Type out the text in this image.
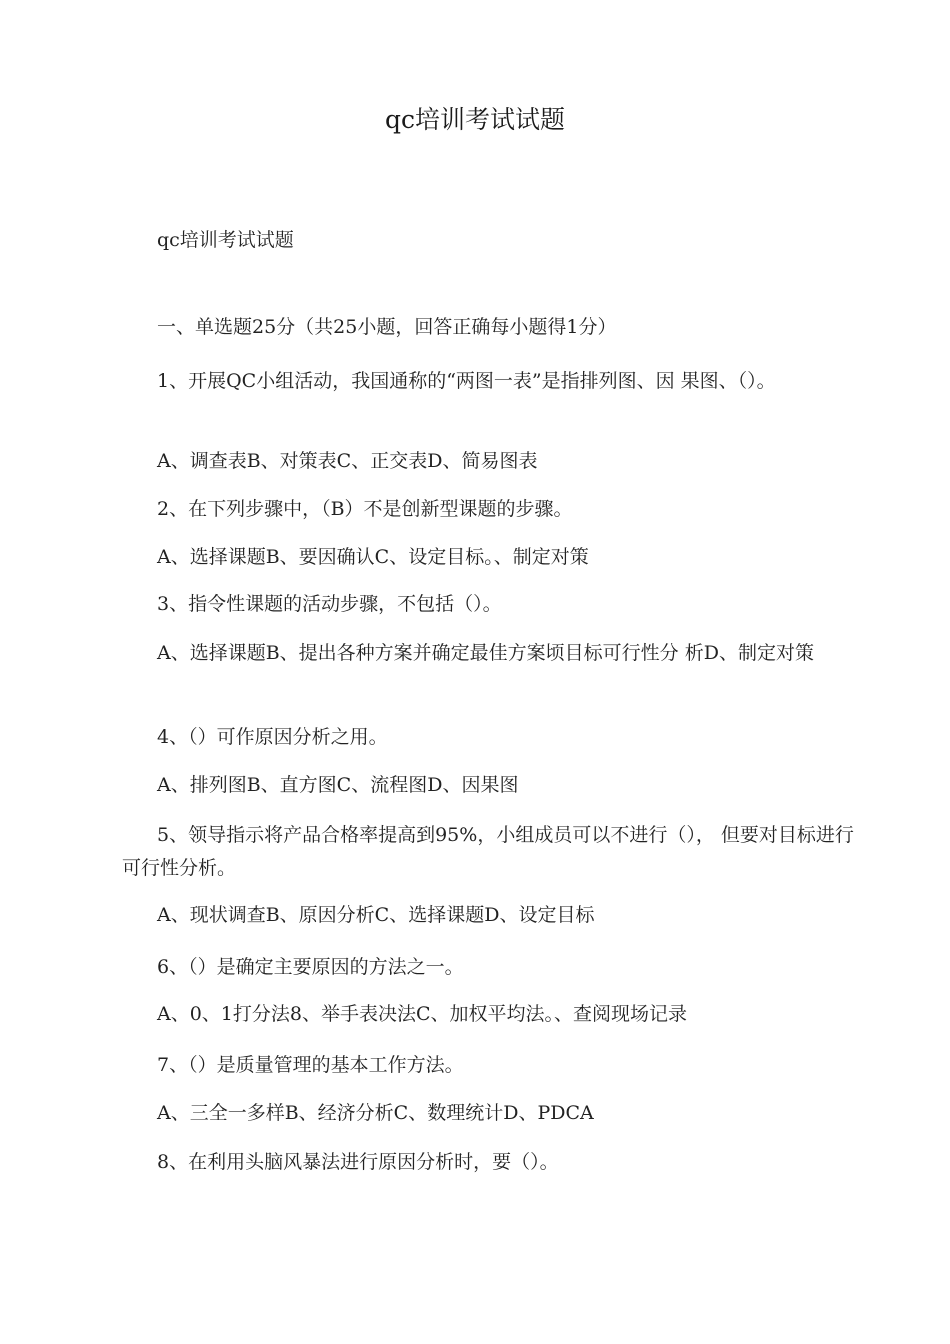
qc培训考试试题
qc培训考试试题
一、单选题25分（共25小题，回答正确每小题得1分）
1、开展QC小组活动，我国通称的“两图一表”是指排列图、因 果图、（）。
A、调查表B、对策表C、正交表D、简易图表
2、在下列步骤中，（B）不是创新型课题的步骤。
A、选择课题B、要因确认C、设定目标。、制定对策
3、指令性课题的活动步骤，不包括（）。
A、选择课题B、提出各种方案并确定最佳方案顷目标可行性分 析D、制定对策
4、（）可作原因分析之用。
A、排列图B、直方图C、流程图D、因果图
5、领导指示将产品合格率提高到95%，小组成员可以不进行（）， 但要对目标进行可行性分析。
A、现状调查B、原因分析C、选择课题D、设定目标
6、（）是确定主要原因的方法之一。
A、0、1打分法8、举手表决法C、加权平均法。、查阅现场记录
7、（）是质量管理的基本工作方法。
A、三全一多样B、经济分析C、数理统计D、PDCA
8、在利用头脑风暴法进行原因分析时，要（）。
